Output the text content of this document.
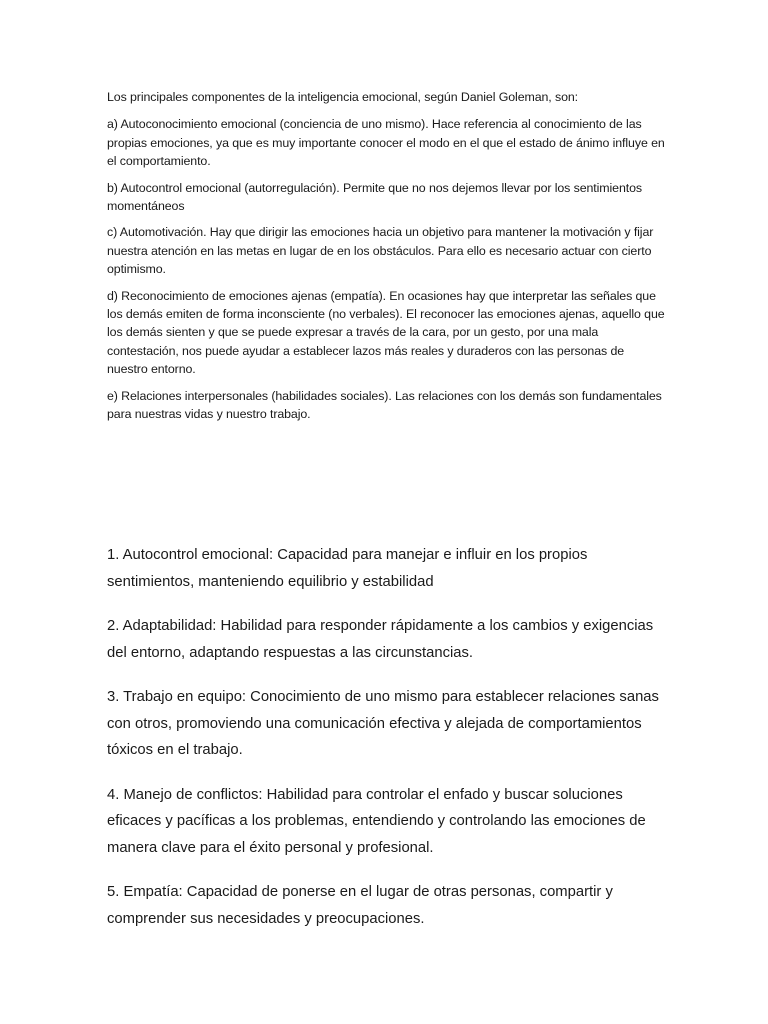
Los principales componentes de la inteligencia emocional, según Daniel Goleman, son:

a) Autoconocimiento emocional (conciencia de uno mismo). Hace referencia al conocimiento de las propias emociones, ya que es muy importante conocer el modo en el que el estado de ánimo influye en el comportamiento.

b) Autocontrol emocional (autorregulación). Permite que no nos dejemos llevar por los sentimientos momentáneos

c) Automotivación. Hay que dirigir las emociones hacia un objetivo para mantener la motivación y fijar nuestra atención en las metas en lugar de en los obstáculos. Para ello es necesario actuar con cierto optimismo.

d) Reconocimiento de emociones ajenas (empatía). En ocasiones hay que interpretar las señales que los demás emiten de forma inconsciente (no verbales). El reconocer las emociones ajenas, aquello que los demás sienten y que se puede expresar a través de la cara, por un gesto, por una mala contestación, nos puede ayudar a establecer lazos más reales y duraderos con las personas de nuestro entorno.

e) Relaciones interpersonales (habilidades sociales). Las relaciones con los demás son fundamentales para nuestras vidas y nuestro trabajo.

1. Autocontrol emocional: Capacidad para manejar e influir en los propios sentimientos, manteniendo equilibrio y estabilidad

2. Adaptabilidad: Habilidad para responder rápidamente a los cambios y exigencias del entorno, adaptando respuestas a las circunstancias.

3. Trabajo en equipo: Conocimiento de uno mismo para establecer relaciones sanas con otros, promoviendo una comunicación efectiva y alejada de comportamientos tóxicos en el trabajo.

4. Manejo de conflictos: Habilidad para controlar el enfado y buscar soluciones eficaces y pacíficas a los problemas, entendiendo y controlando las emociones de manera clave para el éxito personal y profesional.

5. Empatía: Capacidad de ponerse en el lugar de otras personas, compartir y comprender sus necesidades y preocupaciones.
